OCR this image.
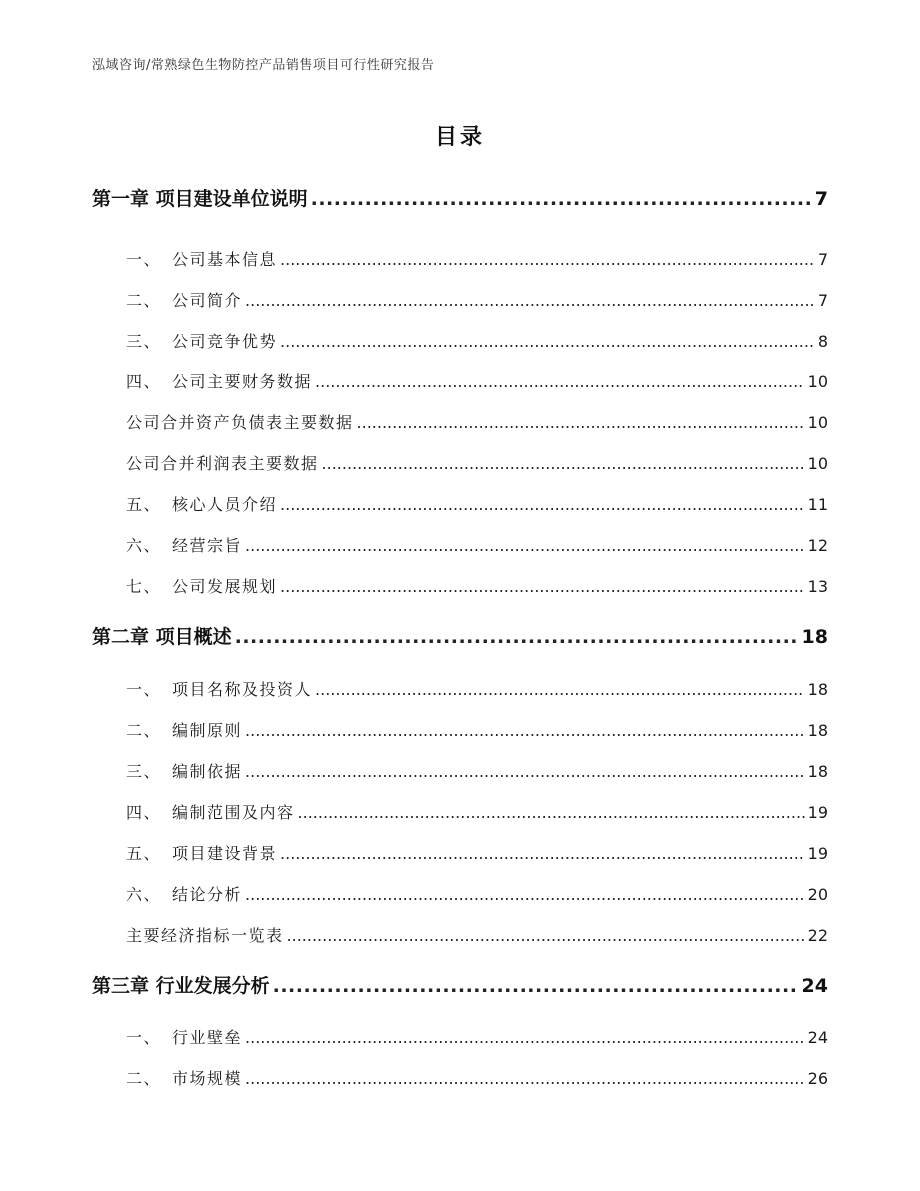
泓域咨询/常熟绿色生物防控产品销售项目可行性研究报告
目录
第一章 项目建设单位说明 .....	7
一、 公司基本信息 .....	7
二、 公司简介 .....	7
三、 公司竞争优势 .....	8
四、 公司主要财务数据 .....	10
公司合并资产负债表主要数据 .....	10
公司合并利润表主要数据 .....	10
五、 核心人员介绍 .....	11
六、 经营宗旨 .....	12
七、 公司发展规划 .....	13
第二章 项目概述 .....	18
一、 项目名称及投资人 .....	18
二、 编制原则 .....	18
三、 编制依据 .....	18
四、 编制范围及内容 .....	19
五、 项目建设背景 .....	19
六、 结论分析 .....	20
主要经济指标一览表 .....	22
第三章 行业发展分析 .....	24
一、 行业壁垒 .....	24
二、 市场规模 .....	26
